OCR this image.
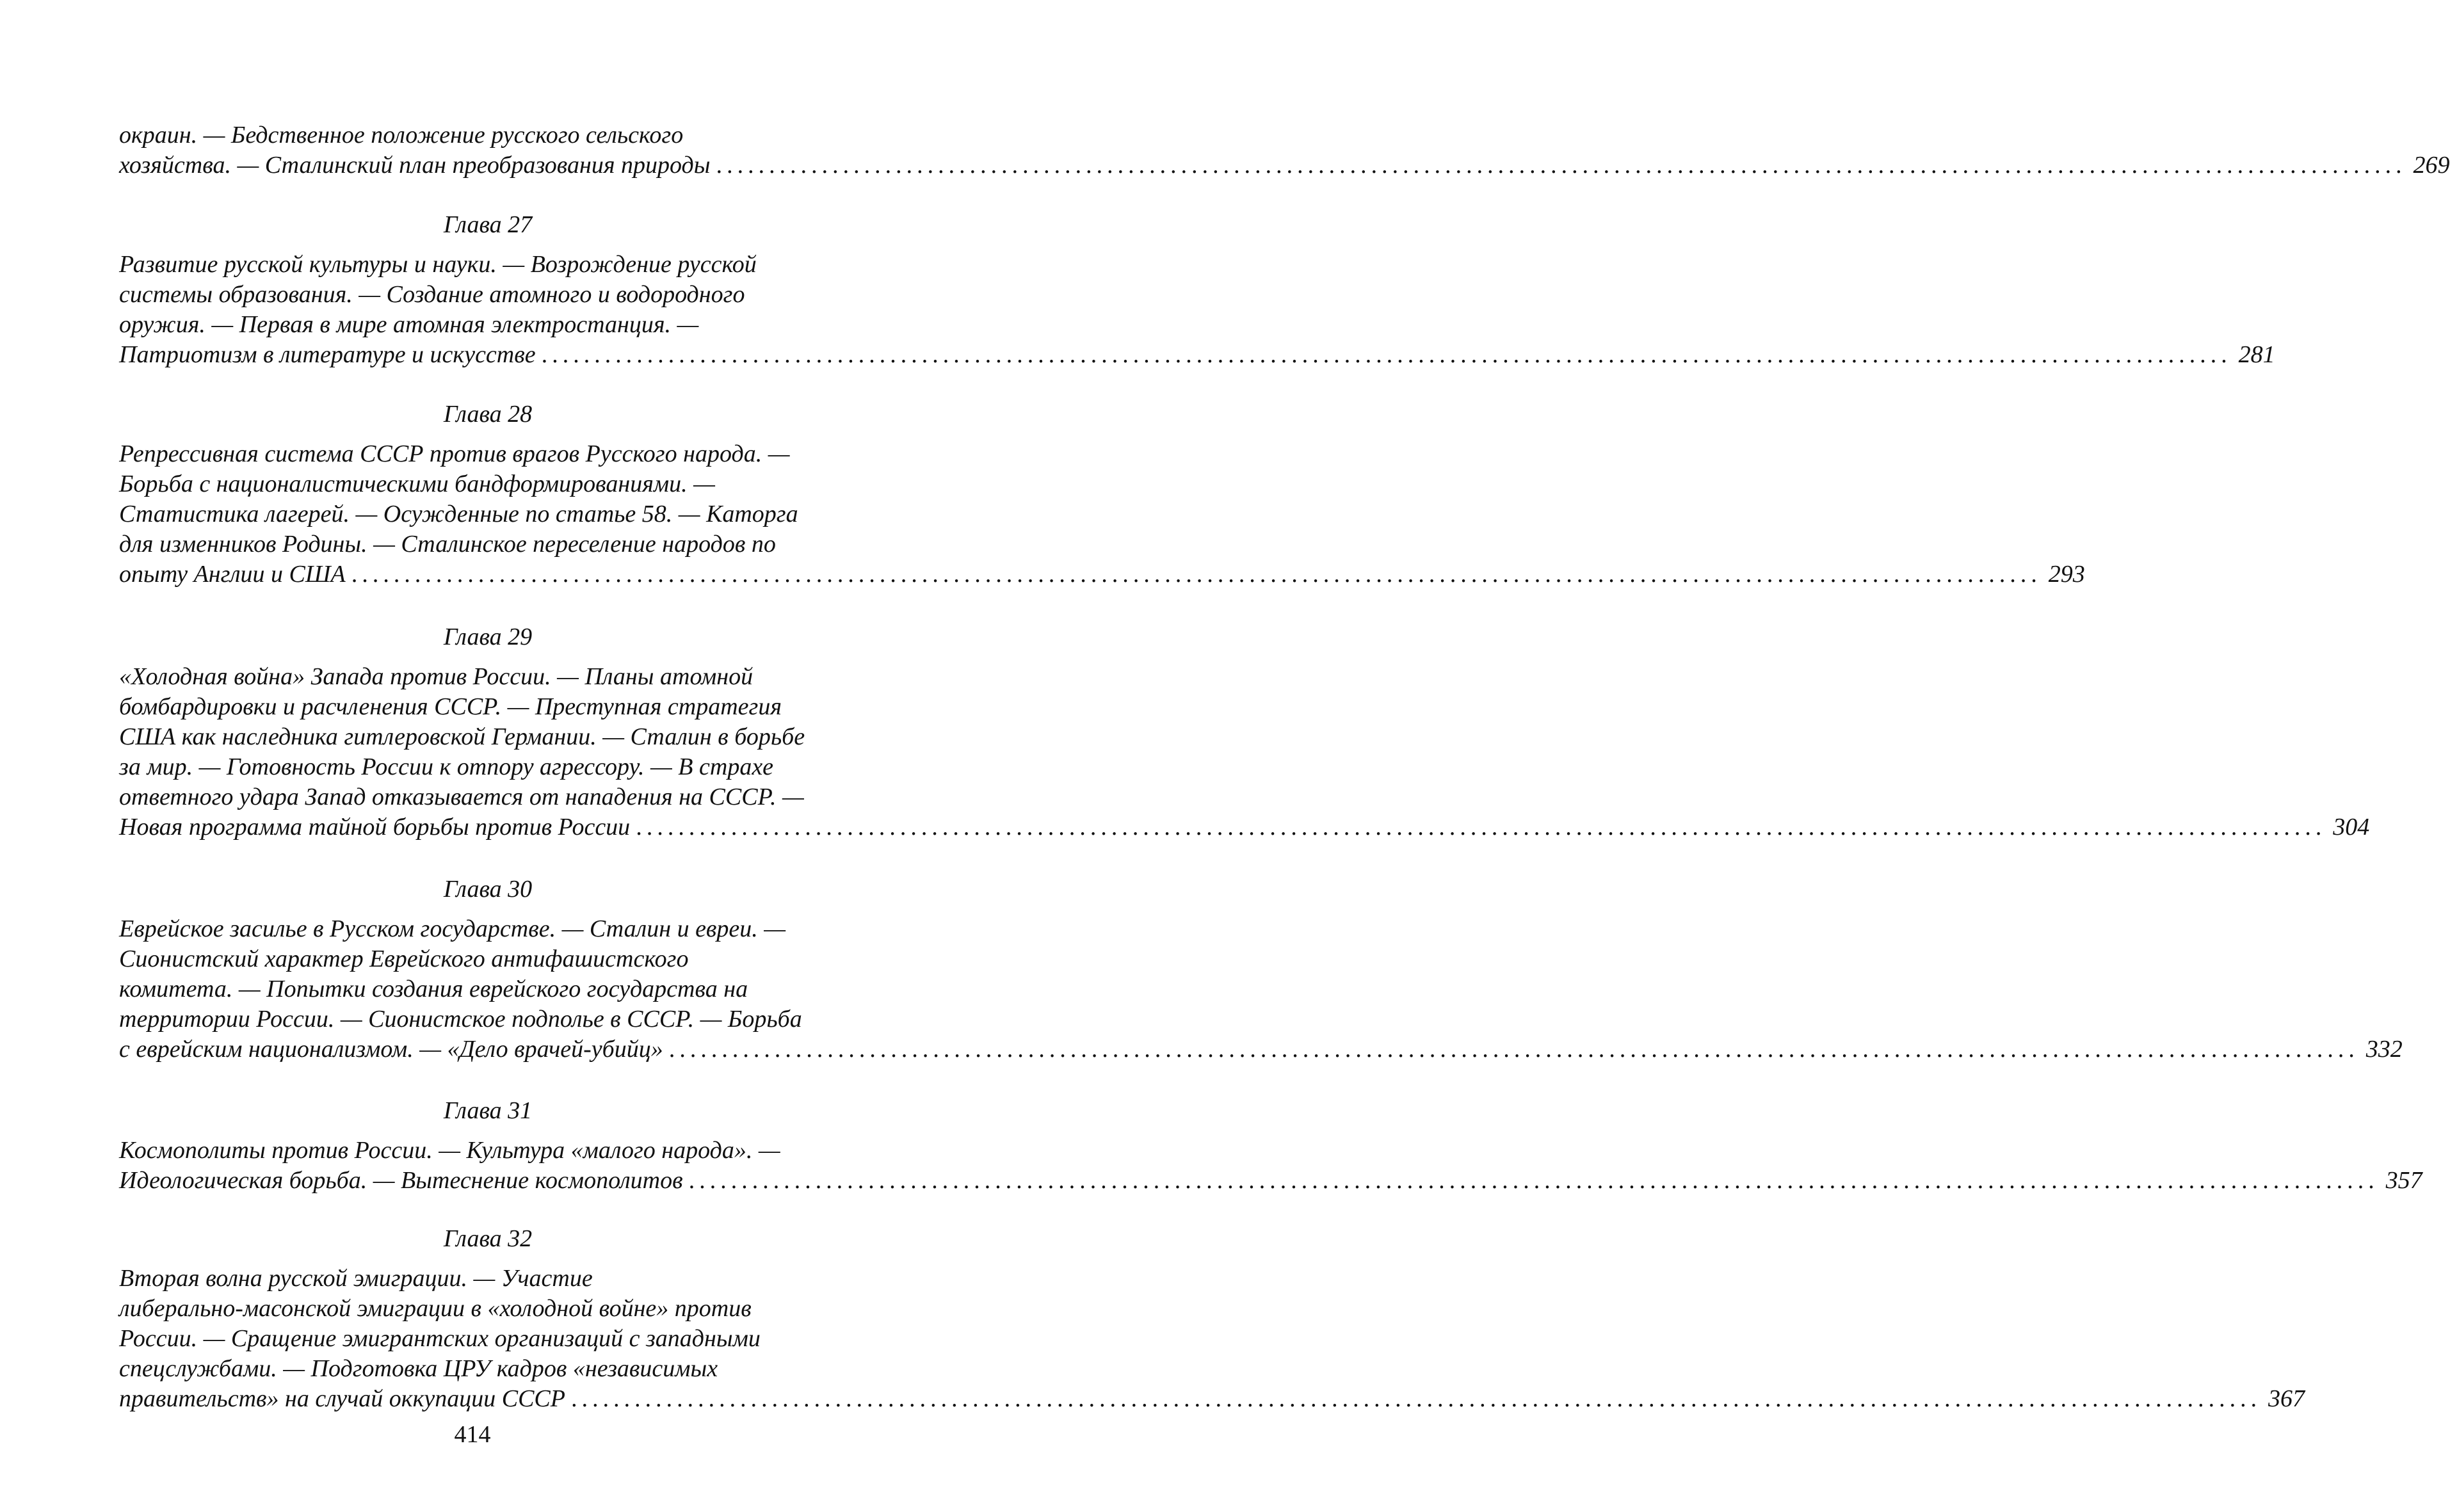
окраин. — Бедственное положение русского сельского
хозяйства. — Сталинский план преобразования природы ................................................................................................................................................................ 269
Глава 27
Развитие русской культуры и науки. — Возрождение русской
системы образования. — Создание атомного и водородного
оружия. — Первая в мире атомная электростанция. —
Патриотизм в литературе и искусстве ................................................................................................................................................................ 281
Глава 28
Репрессивная система СССР против врагов Русского народа. —
Борьба с националистическими бандформированиями. —
Статистика лагерей. — Осужденные по статье 58. — Каторга
для изменников Родины. — Сталинское переселение народов по
опыту Англии и США ................................................................................................................................................................ 293
Глава 29
«Холодная война» Запада против России. — Планы атомной
бомбардировки и расчленения СССР. — Преступная стратегия
США как наследника гитлеровской Германии. — Сталин в борьбе
за мир. — Готовность России к отпору агрессору. — В страхе
ответного удара Запад отказывается от нападения на СССР. —
Новая программа тайной борьбы против России ................................................................................................................................................................ 304
Глава 30
Еврейское засилье в Русском государстве. — Сталин и евреи. —
Сионистский характер Еврейского антифашистского
комитета. — Попытки создания еврейского государства на
территории России. — Сионистское подполье в СССР. — Борьба
с еврейским национализмом. — «Дело врачей-убийц» ................................................................................................................................................................ 332
Глава 31
Космополиты против России. — Культура «малого народа». —
Идеологическая борьба. — Вытеснение космополитов ................................................................................................................................................................ 357
Глава 32
Вторая волна русской эмиграции. — Участие
либерально-масонской эмиграции в «холодной войне» против
России. — Сращение эмигрантских организаций с западными
спецслужбами. — Подготовка ЦРУ кадров «независимых
правительств» на случай оккупации СССР ................................................................................................................................................................ 367
414
